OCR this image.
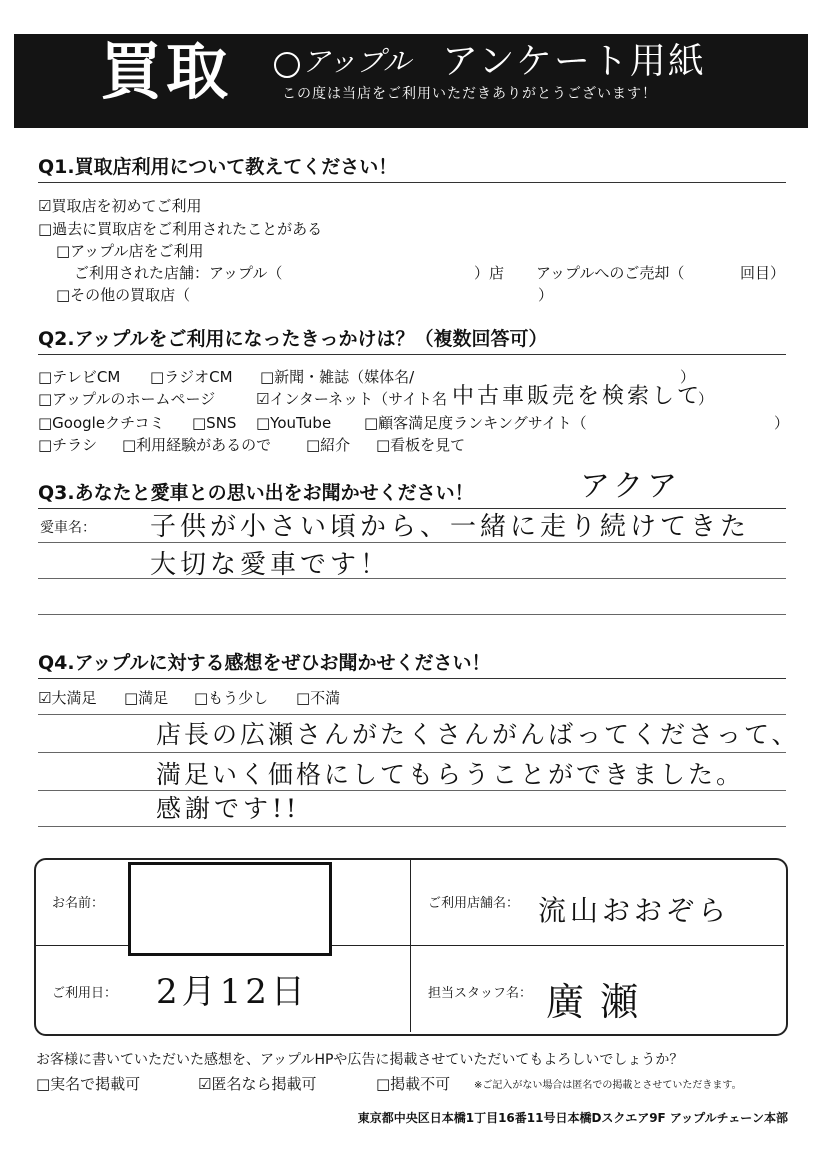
買取 アップル アンケート用紙
この度は当店をご利用いただきありがとうございます！
Q1.買取店利用について教えてください！
☑買取店を初めてご利用
□過去に買取店をご利用されたことがある
□アップル店をご利用
ご利用された店舗：アップル（	）店 アップルへのご売却（	回目）
□その他の買取店（	）
Q2.アップルをご利用になったきっかけは？（複数回答可）
□テレビCM □ラジオCM □新聞・雑誌（媒体名/	）
□アップルのホームページ	☑インターネット（サイト名 中古車販売を検索して
）
□Googleクチコミ □SNS □YouTube □顧客満足度ランキングサイト（	）
□チラシ □利用経験があるので □紹介 □看板を見て
Q3.あなたと愛車との思い出をお聞かせください！	アクア
愛車名： 子供が小さい頃から、一緒に走り続けてきた
大切な愛車です！
Q4.アップルに対する感想をぜひお聞かせください！
☑大満足 □満足 □もう少し □不満
店長の広瀬さんがたくさんがんばってくださって、
満足いく価格にしてもらうことができました。
感謝です!!
お名前：	ご利用店舗名： 流山おおぞら
ご利用日： 2月12日	担当スタッフ名： 廣瀬
お客様に書いていただいた感想を、アップルHPや広告に掲載させていただいてもよろしいでしょうか？
□実名で掲載可	☑匿名なら掲載可	□掲載不可 ※ご記入がない場合は匿名での掲載とさせていただきます。
東京都中央区日本橋1丁目16番11号日本橋Dスクエア9F アップルチェーン本部
